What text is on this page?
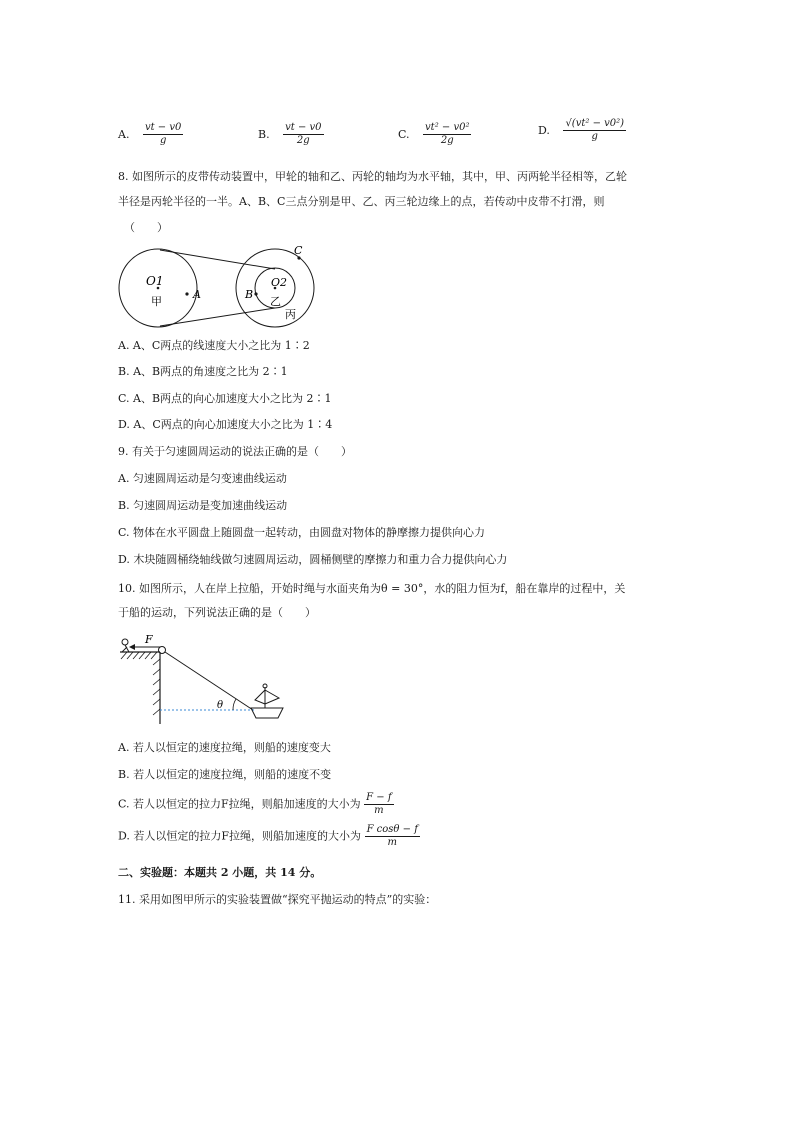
A. $\frac{vt - v0}{g}$	B. $\frac{vt - v0}{2g}$	C. $\frac{\text{vt² − v0²}}{2g}$	D. $\frac{\text{√(vt² − v0²)}}{g}$
8. 如图所示的皮带传动装置中，甲轮的轴和乙、丙轮的轴均为水平轴，其中，甲、丙两轮半径相等，乙轮
半径是丙轮半径的一半。A、B、C三点分别是甲、乙、丙三轮边缘上的点，若传动中皮带不打滑，则
（　　）
O1
甲
A	B
C
O2
乙
丙
A. A、C两点的线速度大小之比为 1∶2
B. A、B两点的角速度之比为 2∶1
C. A、B两点的向心加速度大小之比为 2∶1
D. A、C两点的向心加速度大小之比为 1∶4
9. 有关于匀速圆周运动的说法正确的是（　　）
A. 匀速圆周运动是匀变速曲线运动
B. 匀速圆周运动是变加速曲线运动
C. 物体在水平圆盘上随圆盘一起转动，由圆盘对物体的静摩擦力提供向心力
D. 木块随圆桶绕轴线做匀速圆周运动，圆桶侧壁的摩擦力和重力合力提供向心力
10. 如图所示，人在岸上拉船，开始时绳与水面夹角为θ = 30°，水的阻力恒为f，船在靠岸的过程中，关
于船的运动，下列说法正确的是（　　）
F
θ
A. 若人以恒定的速度拉绳，则船的速度变大
B. 若人以恒定的速度拉绳，则船的速度不变
C. 若人以恒定的拉力F拉绳，则船加速度的大小为 $\frac{F - f}{m}$
D. 若人以恒定的拉力F拉绳，则船加速度的大小为 $\frac{\text{F cosθ − f}}{m}$
二、实验题：本题共 2 小题，共 14 分。
11. 采用如图甲所示的实验装置做“探究平抛运动的特点”的实验：
